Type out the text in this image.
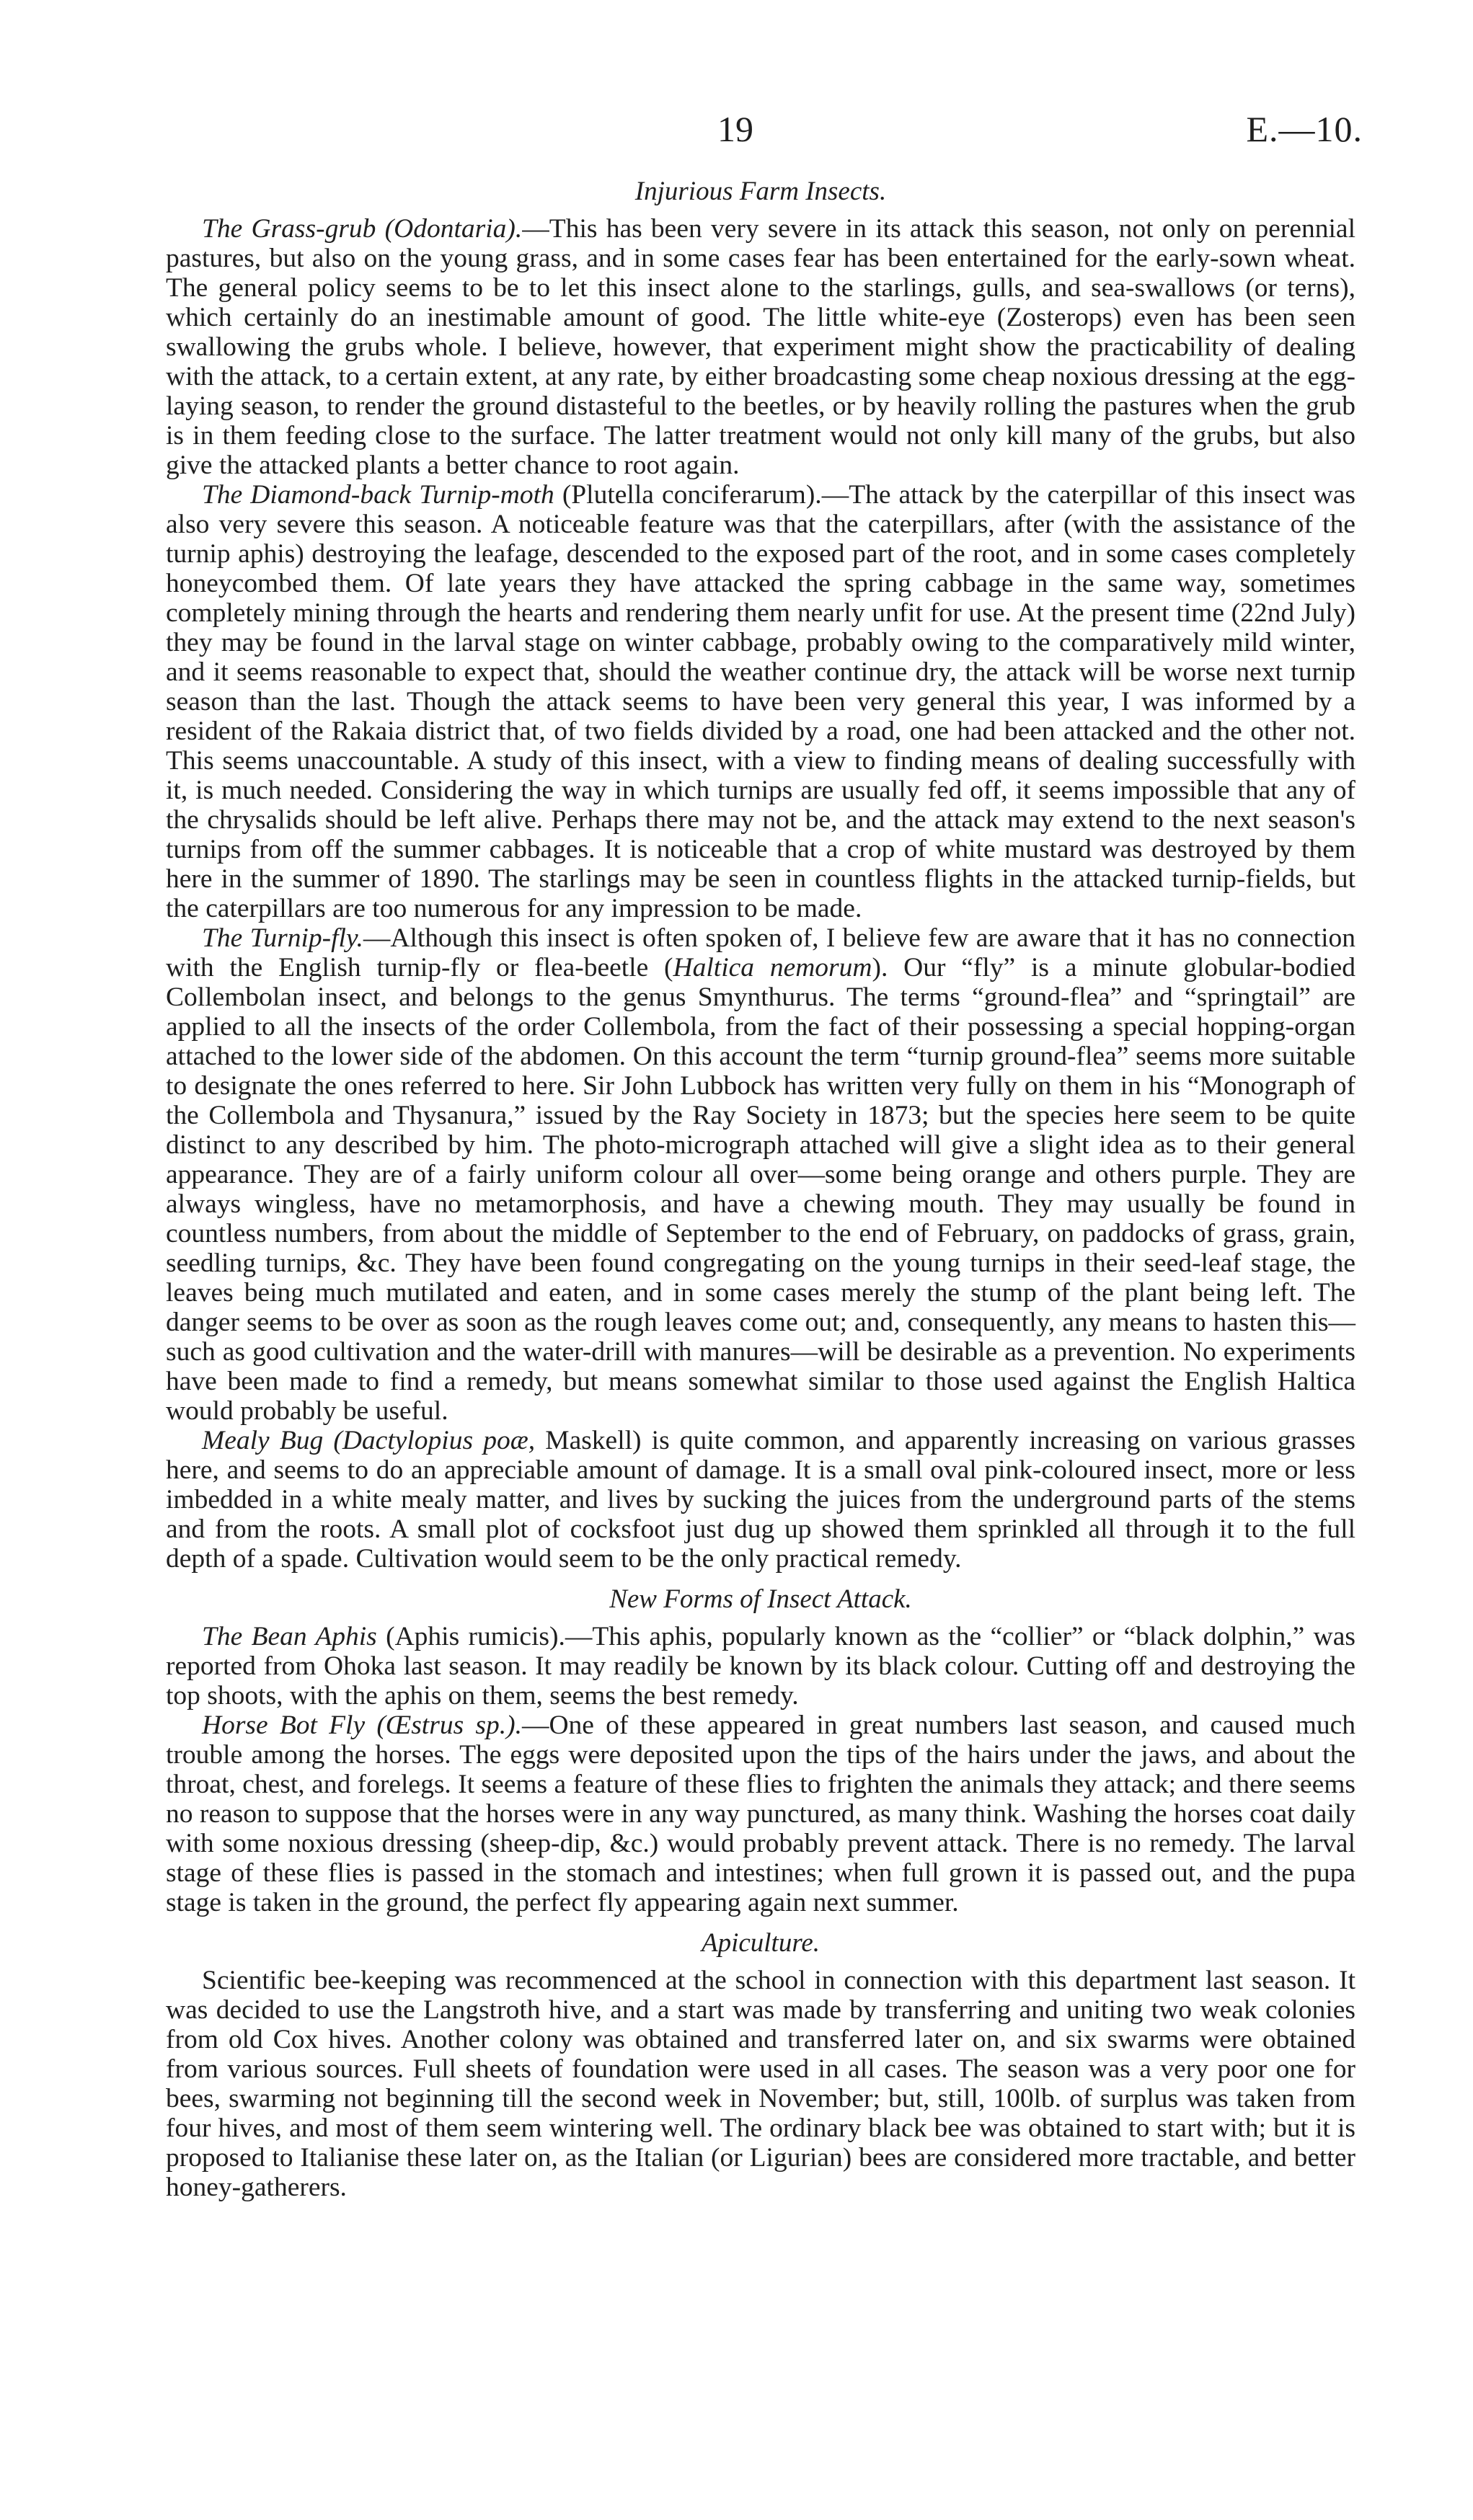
19	E.—10.
Injurious Farm Insects.

The Grass-grub (Odontaria).—This has been very severe in its attack this season, not only on perennial pastures, but also on the young grass, and in some cases fear has been entertained for the early-sown wheat. The general policy seems to be to let this insect alone to the starlings, gulls, and sea-swallows (or terns), which certainly do an inestimable amount of good. The little white-eye (Zosterops) even has been seen swallowing the grubs whole. I believe, however, that experiment might show the practicability of dealing with the attack, to a certain extent, at any rate, by either broadcasting some cheap noxious dressing at the egg-laying season, to render the ground distasteful to the beetles, or by heavily rolling the pastures when the grub is in them feeding close to the surface. The latter treatment would not only kill many of the grubs, but also give the attacked plants a better chance to root again.

The Diamond-back Turnip-moth (Plutella conciferarum).—The attack by the caterpillar of this insect was also very severe this season. A noticeable feature was that the caterpillars, after (with the assistance of the turnip aphis) destroying the leafage, descended to the exposed part of the root, and in some cases completely honeycombed them. Of late years they have attacked the spring cabbage in the same way, sometimes completely mining through the hearts and rendering them nearly unfit for use. At the present time (22nd July) they may be found in the larval stage on winter cabbage, probably owing to the comparatively mild winter, and it seems reasonable to expect that, should the weather continue dry, the attack will be worse next turnip season than the last. Though the attack seems to have been very general this year, I was informed by a resident of the Rakaia district that, of two fields divided by a road, one had been attacked and the other not. This seems unaccountable. A study of this insect, with a view to finding means of dealing successfully with it, is much needed. Considering the way in which turnips are usually fed off, it seems impossible that any of the chrysalids should be left alive. Perhaps there may not be, and the attack may extend to the next season's turnips from off the summer cabbages. It is noticeable that a crop of white mustard was destroyed by them here in the summer of 1890. The starlings may be seen in countless flights in the attacked turnip-fields, but the caterpillars are too numerous for any impression to be made.

The Turnip-fly.—Although this insect is often spoken of, I believe few are aware that it has no connection with the English turnip-fly or flea-beetle (Haltica nemorum). Our “fly” is a minute globular-bodied Collembolan insect, and belongs to the genus Smynthurus. The terms “ground-flea” and “springtail” are applied to all the insects of the order Collembola, from the fact of their possessing a special hopping-organ attached to the lower side of the abdomen. On this account the term “turnip ground-flea” seems more suitable to designate the ones referred to here. Sir John Lubbock has written very fully on them in his “Monograph of the Collembola and Thysanura,” issued by the Ray Society in 1873; but the species here seem to be quite distinct to any described by him. The photo-micrograph attached will give a slight idea as to their general appearance. They are of a fairly uniform colour all over—some being orange and others purple. They are always wingless, have no metamorphosis, and have a chewing mouth. They may usually be found in countless numbers, from about the middle of September to the end of February, on paddocks of grass, grain, seedling turnips, &c. They have been found congregating on the young turnips in their seed-leaf stage, the leaves being much mutilated and eaten, and in some cases merely the stump of the plant being left. The danger seems to be over as soon as the rough leaves come out; and, consequently, any means to hasten this—such as good cultivation and the water-drill with manures—will be desirable as a prevention. No experiments have been made to find a remedy, but means somewhat similar to those used against the English Haltica would probably be useful.

Mealy Bug (Dactylopius poæ, Maskell) is quite common, and apparently increasing on various grasses here, and seems to do an appreciable amount of damage. It is a small oval pink-coloured insect, more or less imbedded in a white mealy matter, and lives by sucking the juices from the underground parts of the stems and from the roots. A small plot of cocksfoot just dug up showed them sprinkled all through it to the full depth of a spade. Cultivation would seem to be the only practical remedy.

New Forms of Insect Attack.

The Bean Aphis (Aphis rumicis).—This aphis, popularly known as the “collier” or “black dolphin,” was reported from Ohoka last season. It may readily be known by its black colour. Cutting off and destroying the top shoots, with the aphis on them, seems the best remedy.

Horse Bot Fly (Œstrus sp.).—One of these appeared in great numbers last season, and caused much trouble among the horses. The eggs were deposited upon the tips of the hairs under the jaws, and about the throat, chest, and forelegs. It seems a feature of these flies to frighten the animals they attack; and there seems no reason to suppose that the horses were in any way punctured, as many think. Washing the horses coat daily with some noxious dressing (sheep-dip, &c.) would probably prevent attack. There is no remedy. The larval stage of these flies is passed in the stomach and intestines; when full grown it is passed out, and the pupa stage is taken in the ground, the perfect fly appearing again next summer.

Apiculture.

Scientific bee-keeping was recommenced at the school in connection with this department last season. It was decided to use the Langstroth hive, and a start was made by transferring and uniting two weak colonies from old Cox hives. Another colony was obtained and transferred later on, and six swarms were obtained from various sources. Full sheets of foundation were used in all cases. The season was a very poor one for bees, swarming not beginning till the second week in November; but, still, 100lb. of surplus was taken from four hives, and most of them seem wintering well. The ordinary black bee was obtained to start with; but it is proposed to Italianise these later on, as the Italian (or Ligurian) bees are considered more tractable, and better honey-gatherers.
